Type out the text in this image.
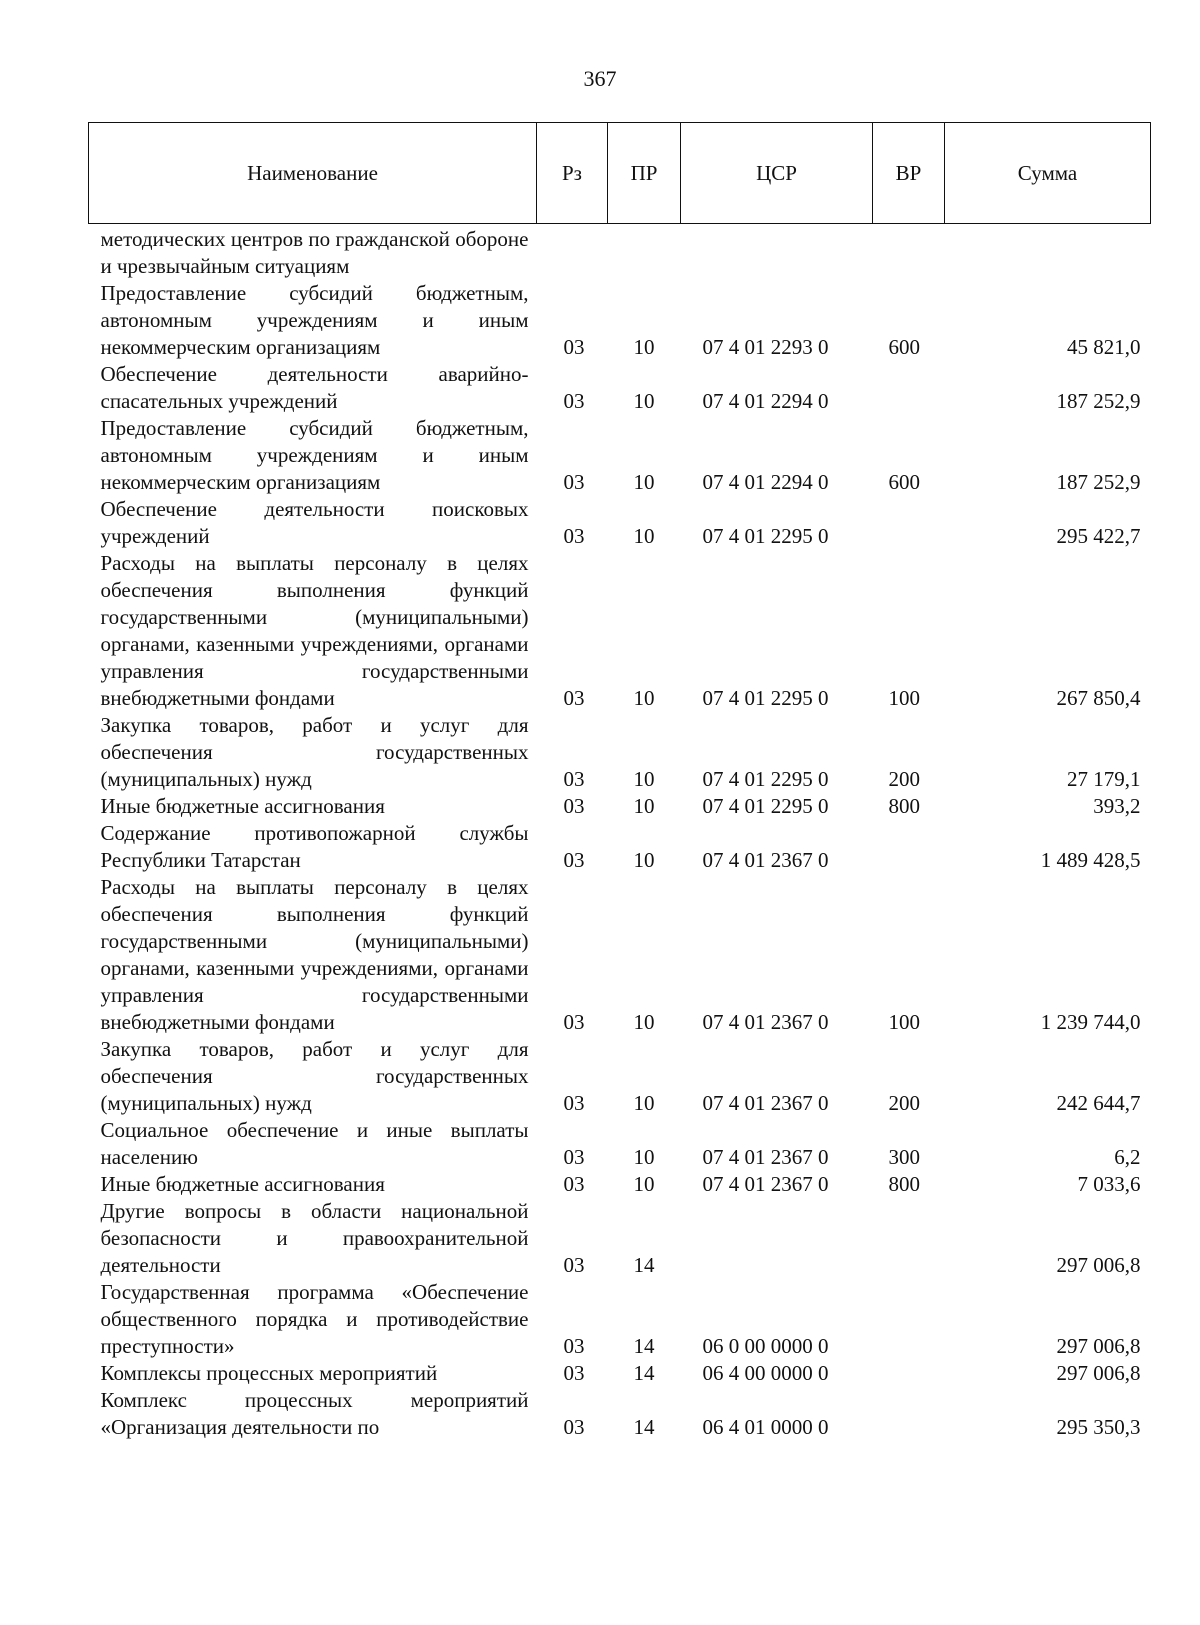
367
Наименование	Рз	ПР	ЦСР	ВР	Сумма
методических центров по гражданской обороне и чрезвычайным ситуациям					
Предоставление субсидий бюджетным, автономным учреждениям и иным некоммерческим организациям	03	10	07 4 01 2293 0	600	45 821,0
Обеспечение деятельности аварийно-спасательных учреждений	03	10	07 4 01 2294 0		187 252,9
Предоставление субсидий бюджетным, автономным учреждениям и иным некоммерческим организациям	03	10	07 4 01 2294 0	600	187 252,9
Обеспечение деятельности поисковых учреждений	03	10	07 4 01 2295 0		295 422,7
Расходы на выплаты персоналу в целях обеспечения выполнения функций государственными (муниципальными) органами, казенными учреждениями, органами управления государственными внебюджетными фондами	03	10	07 4 01 2295 0	100	267 850,4
Закупка товаров, работ и услуг для обеспечения государственных (муниципальных) нужд	03	10	07 4 01 2295 0	200	27 179,1
Иные бюджетные ассигнования	03	10	07 4 01 2295 0	800	393,2
Содержание противопожарной службы Республики Татарстан	03	10	07 4 01 2367 0		1 489 428,5
Расходы на выплаты персоналу в целях обеспечения выполнения функций государственными (муниципальными) органами, казенными учреждениями, органами управления государственными внебюджетными фондами	03	10	07 4 01 2367 0	100	1 239 744,0
Закупка товаров, работ и услуг для обеспечения государственных (муниципальных) нужд	03	10	07 4 01 2367 0	200	242 644,7
Социальное обеспечение и иные выплаты населению	03	10	07 4 01 2367 0	300	6,2
Иные бюджетные ассигнования	03	10	07 4 01 2367 0	800	7 033,6
Другие вопросы в области национальной безопасности и правоохранительной деятельности	03	14			297 006,8
Государственная программа «Обеспечение общественного порядка и противодействие преступности»	03	14	06 0 00 0000 0		297 006,8
Комплексы процессных мероприятий	03	14	06 4 00 0000 0		297 006,8
Комплекс процессных мероприятий «Организация деятельности по	03	14	06 4 01 0000 0		295 350,3
